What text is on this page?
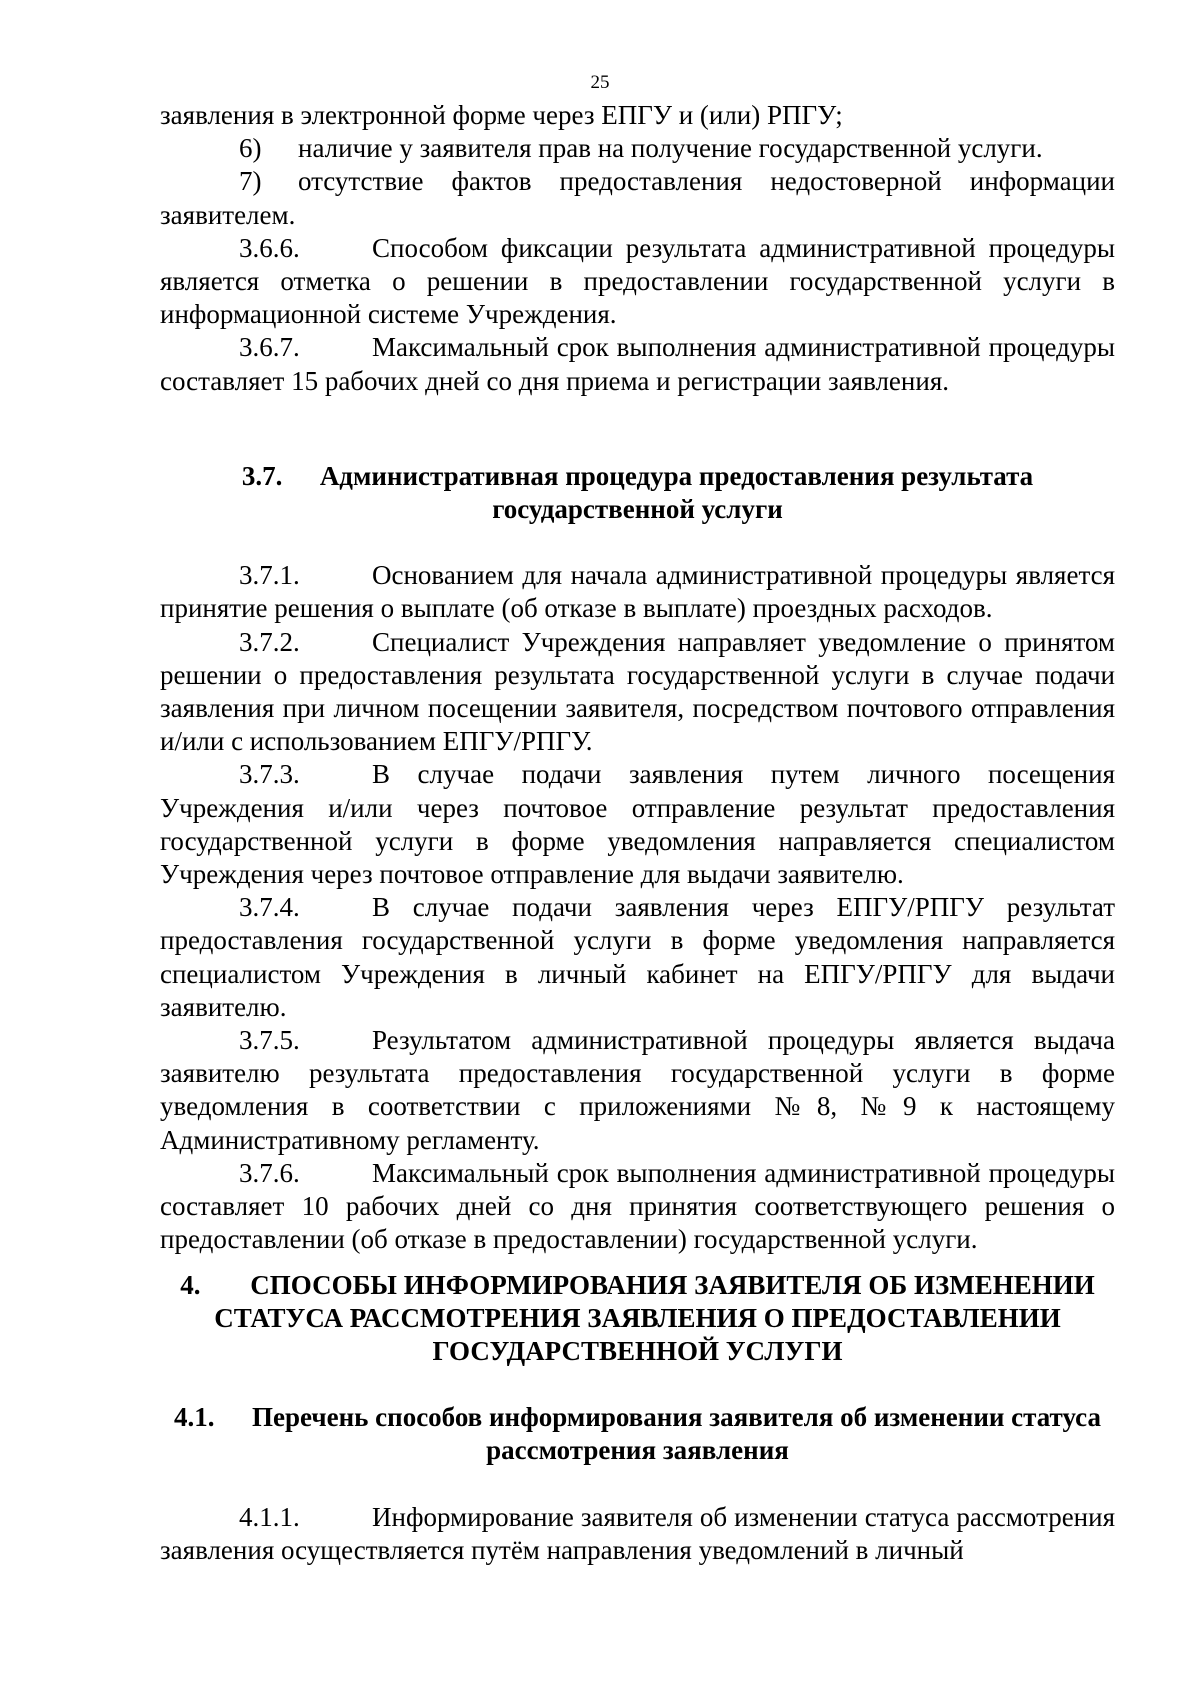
25

заявления в электронной форме через ЕПГУ и (или) РПГУ;

6) наличие у заявителя прав на получение государственной услуги.

7) отсутствие фактов предоставления недостоверной информации заявителем.

3.6.6.	Способом фиксации результата административной процедуры является отметка о решении в предоставлении государственной услуги в информационной системе Учреждения.

3.6.7.	Максимальный срок выполнения административной процедуры составляет 15 рабочих дней со дня приема и регистрации заявления.

3.7. Административная процедура предоставления результата государственной услуги

3.7.1.	Основанием для начала административной процедуры является принятие решения о выплате (об отказе в выплате) проездных расходов.

3.7.2.	Специалист Учреждения направляет уведомление о принятом решении о предоставления результата государственной услуги в случае подачи заявления при личном посещении заявителя, посредством почтового отправления и/или с использованием ЕПГУ/РПГУ.

3.7.3.	В случае подачи заявления путем личного посещения Учреждения и/или через почтовое отправление результат предоставления государственной услуги в форме уведомления направляется специалистом Учреждения через почтовое отправление для выдачи заявителю.

3.7.4.	В случае подачи заявления через ЕПГУ/РПГУ результат предоставления государственной услуги в форме уведомления направляется специалистом Учреждения в личный кабинет на ЕПГУ/РПГУ для выдачи заявителю.

3.7.5.	Результатом административной процедуры является выдача заявителю результата предоставления государственной услуги в форме уведомления в соответствии с приложениями №8, №9 к настоящему Административному регламенту.

3.7.6.	Максимальный срок выполнения административной процедуры составляет 10 рабочих дней со дня принятия соответствующего решения о предоставлении (об отказе в предоставлении) государственной услуги.

4. СПОСОБЫ ИНФОРМИРОВАНИЯ ЗАЯВИТЕЛЯ ОБ ИЗМЕНЕНИИ СТАТУСА РАССМОТРЕНИЯ ЗАЯВЛЕНИЯ О ПРЕДОСТАВЛЕНИИ ГОСУДАРСТВЕННОЙ УСЛУГИ

4.1. Перечень способов информирования заявителя об изменении статуса рассмотрения заявления

4.1.1.	Информирование заявителя об изменении статуса рассмотрения заявления осуществляется путём направления уведомлений в личный
